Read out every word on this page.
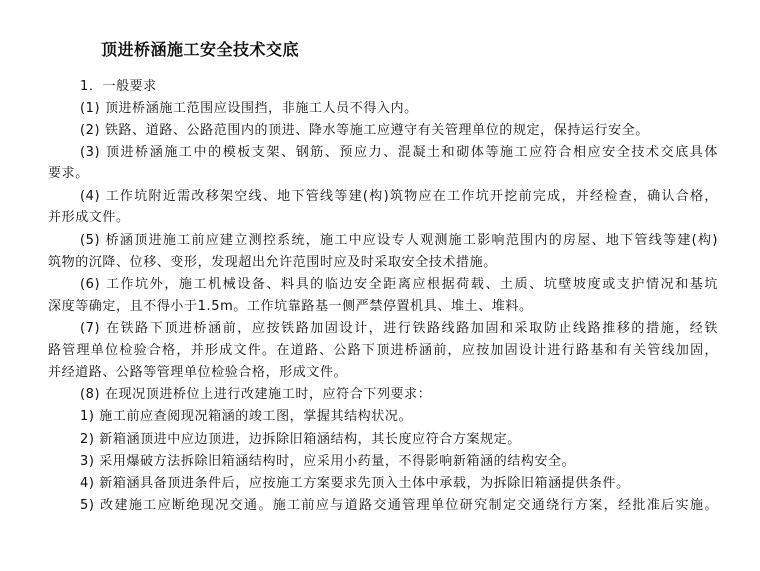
顶进桥涵施工安全技术交底
1．一般要求
(1) 顶进桥涵施工范围应设围挡，非施工人员不得入内。
(2) 铁路、道路、公路范围内的顶进、降水等施工应遵守有关管理单位的规定，保持运行安全。
(3) 顶进桥涵施工中的模板支架、钢筋、预应力、混凝土和砌体等施工应符合相应安全技术交底具体
要求。
(4) 工作坑附近需改移架空线、地下管线等建(构)筑物应在工作坑开挖前完成，并经检查，确认合格，
并形成文件。
(5) 桥涵顶进施工前应建立测控系统，施工中应设专人观测施工影响范围内的房屋、地下管线等建(构)
筑物的沉降、位移、变形，发现超出允许范围时应及时采取安全技术措施。
(6) 工作坑外，施工机械设备、料具的临边安全距离应根据荷载、土质、坑壁坡度或支护情况和基坑
深度等确定，且不得小于1.5m。工作坑靠路基一侧严禁停置机具、堆土、堆料。
(7) 在铁路下顶进桥涵前，应按铁路加固设计，进行铁路线路加固和采取防止线路推移的措施，经铁
路管理单位检验合格，并形成文件。在道路、公路下顶进桥涵前，应按加固设计进行路基和有关管线加固，
并经道路、公路等管理单位检验合格，形成文件。
(8) 在现况顶进桥位上进行改建施工时，应符合下列要求：
1) 施工前应查阅现况箱涵的竣工图，掌握其结构状况。
2) 新箱涵顶进中应边顶进，边拆除旧箱涵结构，其长度应符合方案规定。
3) 采用爆破方法拆除旧箱涵结构时，应采用小药量，不得影响新箱涵的结构安全。
4) 新箱涵具备顶进条件后，应按施工方案要求先顶入土体中承载，为拆除旧箱涵提供条件。
5) 改建施工应断绝现况交通。施工前应与道路交通管理单位研究制定交通绕行方案，经批准后实施。
